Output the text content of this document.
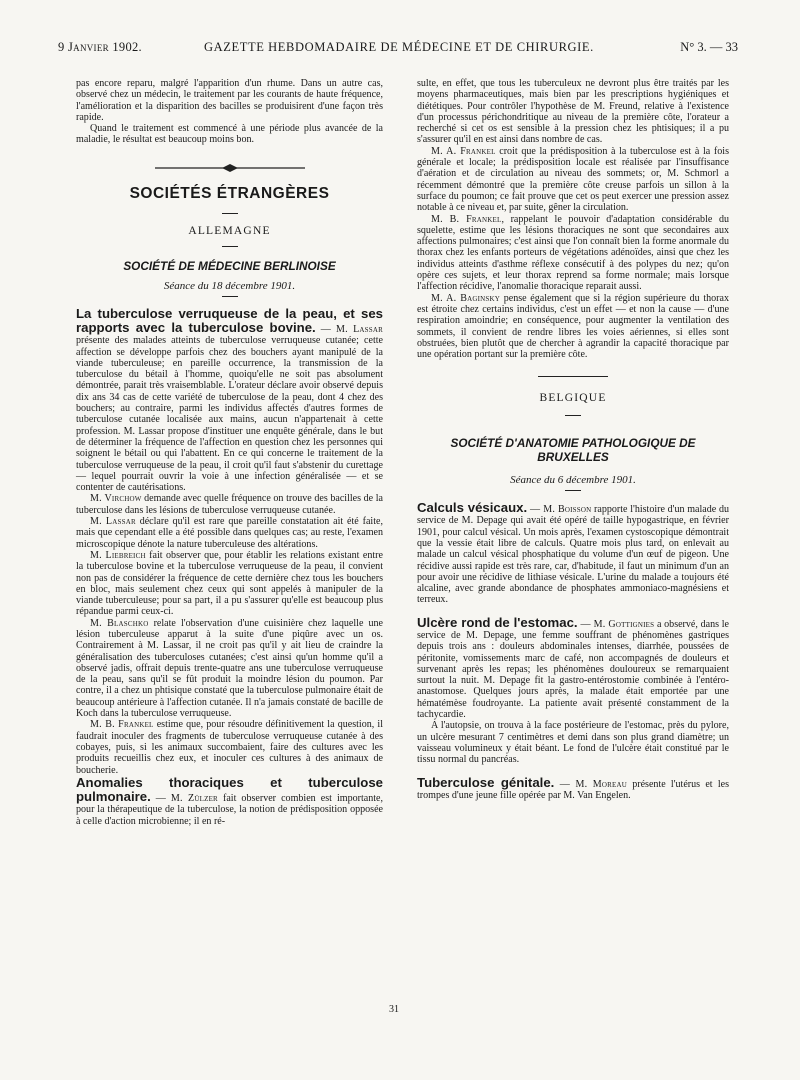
9 Janvier 1902.	GAZETTE HEBDOMADAIRE DE MÉDECINE ET DE CHIRURGIE.	N° 3. — 33

pas encore reparu, malgré l'apparition d'un rhume. Dans un autre cas, observé chez un médecin, le traitement par les courants de haute fréquence, l'amélioration et la disparition des bacilles se produisirent d'une façon très rapide.

Quand le traitement est commencé à une période plus avancée de la maladie, le résultat est beaucoup moins bon.

SOCIÉTÉS ÉTRANGÈRES

ALLEMAGNE

SOCIÉTÉ DE MÉDECINE BERLINOISE

Séance du 18 décembre 1901.

La tuberculose verruqueuse de la peau, et ses rapports avec la tuberculose bovine. — M. Lassar présente des malades atteints de tuberculose verruqueuse cutanée; cette affection se développe parfois chez des bouchers ayant manipulé de la viande tuberculeuse; en pareille occurrence, la transmission de la tuberculose du bétail à l'homme, quoiqu'elle ne soit pas absolument démontrée, parait très vraisemblable. L'orateur déclare avoir observé depuis dix ans 34 cas de cette variété de tuberculose de la peau, dont 4 chez des bouchers; au contraire, parmi les individus affectés d'autres formes de tuberculose cutanée localisée aux mains, aucun n'appartenait à cette profession. M. Lassar propose d'instituer une enquête générale, dans le but de déterminer la fréquence de l'affection en question chez les personnes qui soignent le bétail ou qui l'abattent. En ce qui concerne le traitement de la tuberculose verruqueuse de la peau, il croit qu'il faut s'abstenir du curettage — lequel pourrait ouvrir la voie à une infection généralisée — et se contenter de cautérisations.

M. Virchow demande avec quelle fréquence on trouve des bacilles de la tuberculose dans les lésions de tuberculose verruqueuse cutanée.

M. Lassar déclare qu'il est rare que pareille constatation ait été faite, mais que cependant elle a été possible dans quelques cas; au reste, l'examen microscopique dénote la nature tuberculeuse des altérations.

M. Liebreich fait observer que, pour établir les relations existant entre la tuberculose bovine et la tuberculose verruqueuse de la peau, il convient non pas de considérer la fréquence de cette dernière chez tous les bouchers en bloc, mais seulement chez ceux qui sont appelés à manipuler de la viande tuberculeuse; pour sa part, il a pu s'assurer qu'elle est beaucoup plus répandue parmi ceux-ci.

M. Blaschko relate l'observation d'une cuisinière chez laquelle une lésion tuberculeuse apparut à la suite d'une piqûre avec un os. Contrairement à M. Lassar, il ne croit pas qu'il y ait lieu de craindre la généralisation des tuberculoses cutanées; c'est ainsi qu'un homme qu'il a observé jadis, offrait depuis trente-quatre ans une tuberculose verruqueuse de la peau, sans qu'il se fût produit la moindre lésion du poumon. Par contre, il a chez un phtisique constaté que la tuberculose pulmonaire était de beaucoup antérieure à l'affection cutanée. Il n'a jamais constaté de bacille de Koch dans la tuberculose verruqueuse.

M. B. Frankel estime que, pour résoudre définitivement la question, il faudrait inoculer des fragments de tuberculose verruqueuse cutanée à des cobayes, puis, si les animaux succombaient, faire des cultures avec les produits recueillis chez eux, et inoculer ces cultures à des animaux de boucherie.

Anomalies thoraciques et tuberculose pulmonaire. — M. Zülzer fait observer combien est importante, pour la thérapeutique de la tuberculose, la notion de prédisposition opposée à celle d'action microbienne; il en ré-

sulte, en effet, que tous les tuberculeux ne devront plus être traités par les moyens pharmaceutiques, mais bien par les prescriptions hygiéniques et diététiques. Pour contrôler l'hypothèse de M. Freund, relative à l'existence d'un processus périchondritique au niveau de la première côte, l'orateur a recherché si cet os est sensible à la pression chez les phtisiques; il a pu s'assurer qu'il en est ainsi dans nombre de cas.

M. A. Frankel croit que la prédisposition à la tuberculose est à la fois générale et locale; la prédisposition locale est réalisée par l'insuffisance d'aération et de circulation au niveau des sommets; or, M. Schmorl a récemment démontré que la première côte creuse parfois un sillon à la surface du poumon; ce fait prouve que cet os peut exercer une pression assez notable à ce niveau et, par suite, gêner la circulation.

M. B. Frankel, rappelant le pouvoir d'adaptation considérable du squelette, estime que les lésions thoraciques ne sont que secondaires aux affections pulmonaires; c'est ainsi que l'on connaît bien la forme anormale du thorax chez les enfants porteurs de végétations adénoïdes, ainsi que chez les individus atteints d'asthme réflexe consécutif à des polypes du nez; qu'on opère ces sujets, et leur thorax reprend sa forme normale; mais lorsque l'affection récidive, l'anomalie thoracique reparait aussi.

M. A. Baginsky pense également que si la région supérieure du thorax est étroite chez certains individus, c'est un effet — et non la cause — d'une respiration amoindrie; en conséquence, pour augmenter la ventilation des sommets, il convient de rendre libres les voies aériennes, si elles sont obstruées, bien plutôt que de chercher à agrandir la capacité thoracique par une opération portant sur la première côte.

BELGIQUE

SOCIÉTÉ D'ANATOMIE PATHOLOGIQUE DE BRUXELLES

Séance du 6 décembre 1901.

Calculs vésicaux. — M. Boisson rapporte l'histoire d'un malade du service de M. Depage qui avait été opéré de taille hypogastrique, en février 1901, pour calcul vésical. Un mois après, l'examen cystoscopique démontrait que la vessie était libre de calculs. Quatre mois plus tard, on enlevait au malade un calcul vésical phosphatique du volume d'un œuf de pigeon. Une récidive aussi rapide est très rare, car, d'habitude, il faut un minimum d'un an pour avoir une récidive de lithiase vésicale. L'urine du malade a toujours été alcaline, avec grande abondance de phosphates ammoniaco-magnésiens et terreux.

Ulcère rond de l'estomac. — M. Gottignies a observé, dans le service de M. Depage, une femme souffrant de phénomènes gastriques depuis trois ans : douleurs abdominales intenses, diarrhée, poussées de péritonite, vomissements marc de café, non accompagnés de douleurs et survenant après les repas; les phénomènes douloureux se remarquaient surtout la nuit. M. Depage fit la gastro-entérostomie combinée à l'entéro-anastomose. Quelques jours après, la malade était emportée par une hématémèse foudroyante. La patiente avait présenté constamment de la tachycardie.

A l'autopsie, on trouva à la face postérieure de l'estomac, près du pylore, un ulcère mesurant 7 centimètres et demi dans son plus grand diamètre; un vaisseau volumineux y était béant. Le fond de l'ulcère était constitué par le tissu normal du pancréas.

Tuberculose génitale. — M. Moreau présente l'utérus et les trompes d'une jeune fille opérée par M. Van Engelen.

31
